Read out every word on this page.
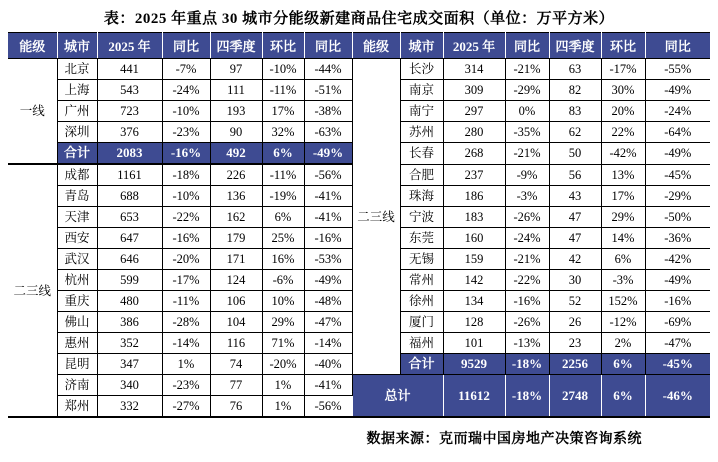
表：2025 年重点 30 城市分能级新建商品住宅成交面积（单位：万平方米）
能级	城市	2025 年	同比	四季度	环比	同比	能级	城市	2025 年	同比	四季度	环比	同比
一线	北京	441	-7%	97	-10%	-44%	二三线	长沙	314	-21%	63	-17%	-55%
	上海	543	-24%	111	-11%	-51%		南京	309	-29%	82	30%	-49%
	广州	723	-10%	193	17%	-38%		南宁	297	0%	83	20%	-24%
	深圳	376	-23%	90	32%	-63%		苏州	280	-35%	62	22%	-64%
	合计	2083	-16%	492	6%	-49%		长春	268	-21%	50	-42%	-49%
二三线	成都	1161	-18%	226	-11%	-56%		合肥	237	-9%	56	13%	-45%
	青岛	688	-10%	136	-19%	-41%		珠海	186	-3%	43	17%	-29%
	天津	653	-22%	162	6%	-41%		宁波	183	-26%	47	29%	-50%
	西安	647	-16%	179	25%	-16%		东莞	160	-24%	47	14%	-36%
	武汉	646	-20%	171	16%	-53%		无锡	159	-21%	42	6%	-42%
	杭州	599	-17%	124	-6%	-49%		常州	142	-22%	30	-3%	-49%
	重庆	480	-11%	106	10%	-48%		徐州	134	-16%	52	152%	-16%
	佛山	386	-28%	104	29%	-47%		厦门	128	-26%	26	-12%	-69%
	惠州	352	-14%	116	71%	-14%		福州	101	-13%	23	2%	-47%
	昆明	347	1%	74	-20%	-40%		合计	9529	-18%	2256	6%	-45%
	济南	340	-23%	77	1%	-41%	总计		11612	-18%	2748	6%	-46%
	郑州	332	-27%	76	1%	-56%							
数据来源：克而瑞中国房地产决策咨询系统
